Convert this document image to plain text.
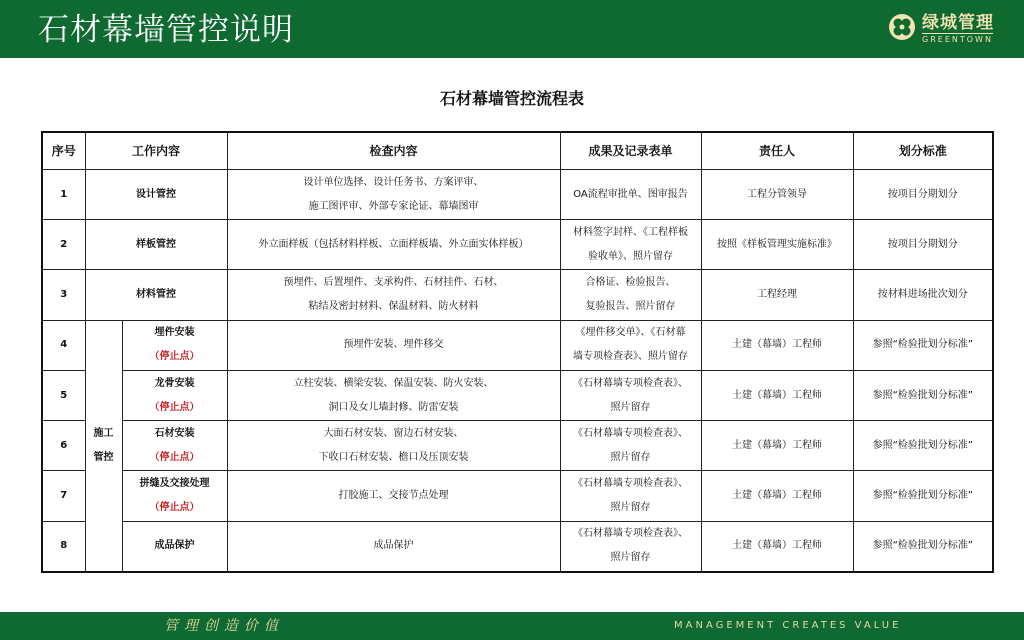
石材幕墙管控说明	绿城管理
GREENTOWN
石材幕墙管控流程表
序号	工作内容		检查内容	成果及记录表单	责任人	划分标准
1	设计管控		设计单位选择、设计任务书、方案评审、
施工图评审、外部专家论证、幕墙图审	OA流程审批单、图审报告	工程分管领导	按项目分期划分
2	样板管控		外立面样板（包括材料样板、立面样板墙、外立面实体样板）	材料签字封样、《工程样板
验收单》、照片留存	按照《样板管理实施标准》	按项目分期划分
3	材料管控		预埋件、后置埋件、支承构件、石材挂件、石材、
粘结及密封材料、保温材料、防火材料	合格证、检验报告、
复验报告、照片留存	工程经理	按材料进场批次划分
4	施工
管控	埋件安装
（停止点）	预埋件安装、埋件移交	《埋件移交单》、《石材幕
墙专项检查表》、照片留存	土建（幕墙）工程师	参照“检验批划分标准”
5		龙骨安装
（停止点）	立柱安装、横梁安装、保温安装、防火安装、
洞口及女儿墙封修、防雷安装	《石材幕墙专项检查表》、
照片留存	土建（幕墙）工程师	参照“检验批划分标准”
6		石材安装
（停止点）	大面石材安装、窗边石材安装、
下收口石材安装、檐口及压顶安装	《石材幕墙专项检查表》、
照片留存	土建（幕墙）工程师	参照“检验批划分标准”
7		拼缝及交接处理
（停止点）	打胶施工、交接节点处理	《石材幕墙专项检查表》、
照片留存	土建（幕墙）工程师	参照“检验批划分标准”
8		成品保护	成品保护	《石材幕墙专项检查表》、
照片留存	土建（幕墙）工程师	参照“检验批划分标准”
管理创造价值	MANAGEMENT CREATES VALUE
